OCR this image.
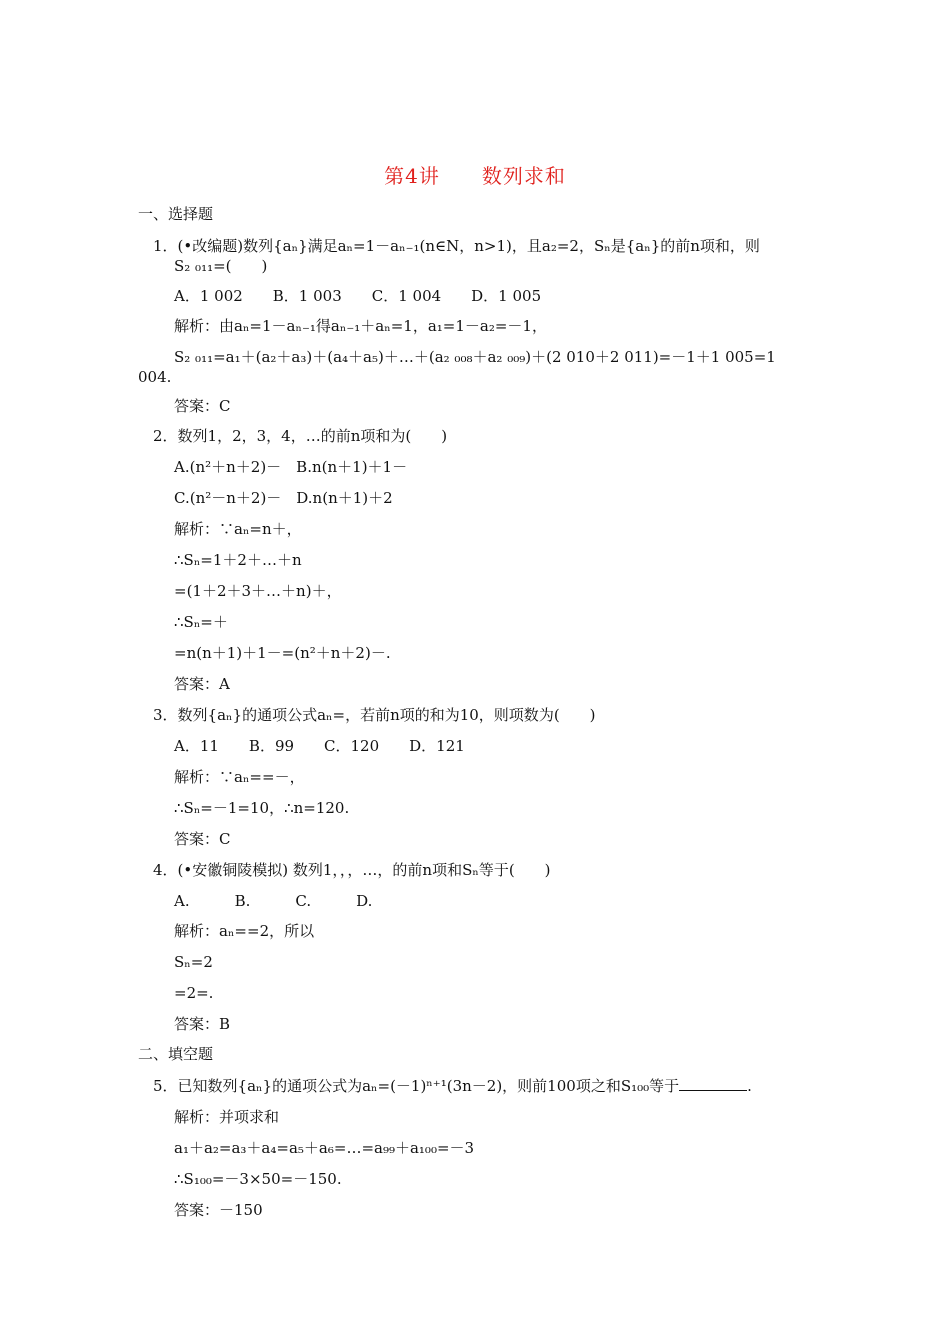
第4讲　　数列求和
一、选择题
1．(•改编题)数列{aₙ}满足aₙ=1－aₙ₋₁(n∈N，n>1)，且a₂=2，Sₙ是{aₙ}的前n项和，则
S₂ ₀₁₁=(　　)
A．1 002　　B．1 003　　C．1 004　　D．1 005
解析：由aₙ=1－aₙ₋₁得aₙ₋₁＋aₙ=1，a₁=1－a₂=－1，
S₂ ₀₁₁=a₁＋(a₂＋a₃)＋(a₄＋a₅)＋…＋(a₂ ₀₀₈＋a₂ ₀₀₉)＋(2 010＋2 011)=－1＋1 005=1
004.
答案：C
2．数列1，2，3，4，…的前n项和为(　　)
A.(n²＋n＋2)－　B.n(n＋1)＋1－
C.(n²－n＋2)－　D.n(n＋1)＋2
解析：∵aₙ=n＋，
∴Sₙ=1＋2＋…＋n
=(1＋2＋3＋…＋n)＋，
∴Sₙ=＋
=n(n＋1)＋1－=(n²＋n＋2)－.
答案：A
3．数列{aₙ}的通项公式aₙ=，若前n项的和为10，则项数为(　　)
A．11　　B．99　　C．120　　D．121
解析：∵aₙ==－，
∴Sₙ=－1=10，∴n=120.
答案：C
4．(•安徽铜陵模拟) 数列1，，，…，的前n项和Sₙ等于(　　)
A.　　　B.　　　C.　　　D.
解析：aₙ==2，所以
Sₙ=2
=2=.
答案：B
二、填空题
5．已知数列{aₙ}的通项公式为aₙ=(－1)ⁿ⁺¹(3n－2)，则前100项之和S₁₀₀等于	.
解析：并项求和
a₁＋a₂=a₃＋a₄=a₅＋a₆=…=a₉₉＋a₁₀₀=－3
∴S₁₀₀=－3×50=－150.
答案：－150
